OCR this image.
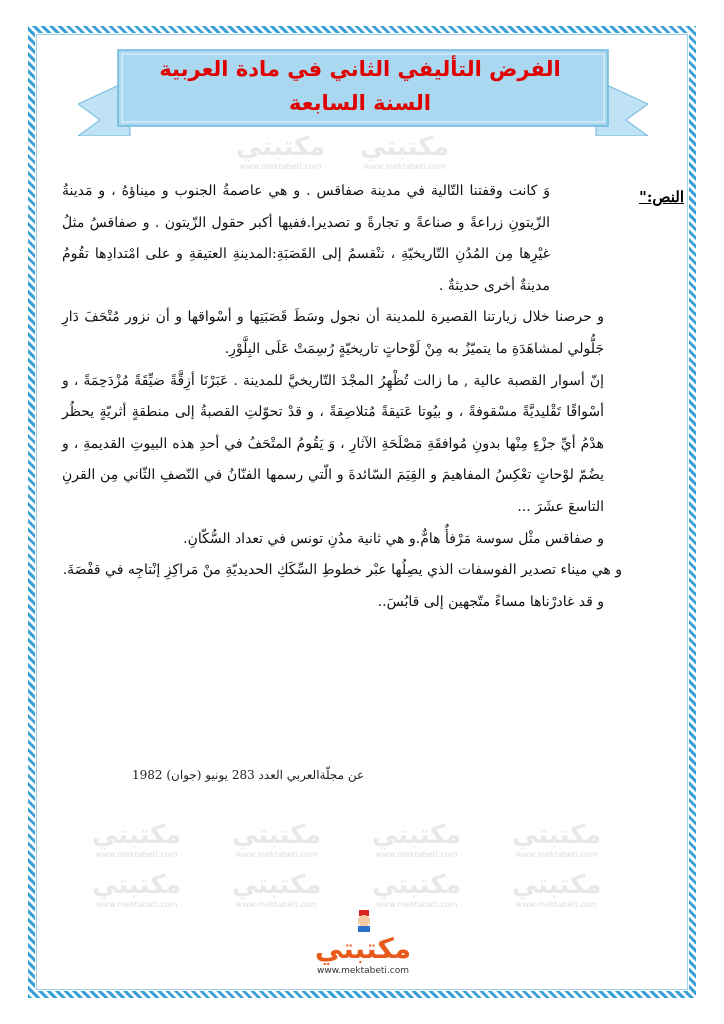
الفرض التأليفي الثاني في مادة العربية
السنة السابعة
مكتبتي
www.mektabeti.com
مكتبتي
www.mektabeti.com
مكتبتي
www.mektabeti.com
مكتبتي
www.mektabeti.com
مكتبتي
www.mektabeti.com
مكتبتي
www.mektabeti.com
مكتبتي
www.mektabeti.com
مكتبتي
www.mektabeti.com
مكتبتي
www.mektabeti.com
مكتبتي
www.mektabeti.com
النص:"

وَ كانت وقفتنا التّالية في مدينة صفاقس . و هي عاصمةُ الجنوب و ميناؤهُ ، و مَدينةُ الزّيتونِ زراعةً و صناعةً و تجارةً و تصديرا.ففيها أكبر حقول الزّيتون . و صفاقسُ مثلُ غيْرِها مِن المُدُنِ التّاريخيّةِ ، تنْقسمُ إلى القَصَبَةِ:المدينةِ العتيقةِ و على امْتدادِها تقُومُ مدينةٌ أخرى حديثةٌ .

و حرصنا خلال زيارتنا القصيرة للمدينة أن نجول وسَطَ قَصَبَتِها و أسْواقها و أن نزور مُتْحَفَ دَارِ جَلُّولي لمشاهَدَةِ ما يتميّزُ به مِنْ لَوْحاتٍ تاريخيّةٍ رُسِمَتْ عَلَى البِلَّوْرِ.

إنّ أسوار القصبة عالية , ما زالت تُظْهِرُ المجْدَ التّاريخيَّ للمدينة . عَبَرْنَا أزِقَّةً ضيِّقَةً مُزْدَحِمَةً ، و أسْواقًا تَقْليديَّةً مسْقوفةً ، و بيُوتا عَتيقةً مُتلاصِقةً ، و قدْ تحوّلتِ القصبةُ إلى منطقةٍ أثريّةٍ يحظُر هدْمُ أيِّ جزْءٍ مِنْها بدونِ مُوافقَةِ مَصْلَحَةِ الآثارِ ، وَ يَقُومُ المتْحَفُ في أحدِ هذه البيوتِ القديمةِ ، و يضُمّ لوْحاتٍ تعْكِسُ المفاهيمَ و القِيَمَ السّائدةَ و الّتي رسمها الفنّانُ في النّصفِ الثّاني مِن القرنِ التاسعَ عشَرَ ...

و صفاقس مثْل سوسة مَرْفأٌ هامٌّ.و هي ثانية مدُنِ تونس في تعداد السُّكّانِ.

و هي ميناء تصدير الفوسفات الذي يصِلُها عبْر خطوطِ السِّكَكِ الحديديّةِ منْ مَراكِزِ إنْتاجِه في قفْصَةَ.

و قد غادرْناها مساءً متّجهين إلى قابُسَ..

عن مجلّةالعربي العدد 283 يونيو (جوان) 1982
مكتبتي
www.mektabeti.com
